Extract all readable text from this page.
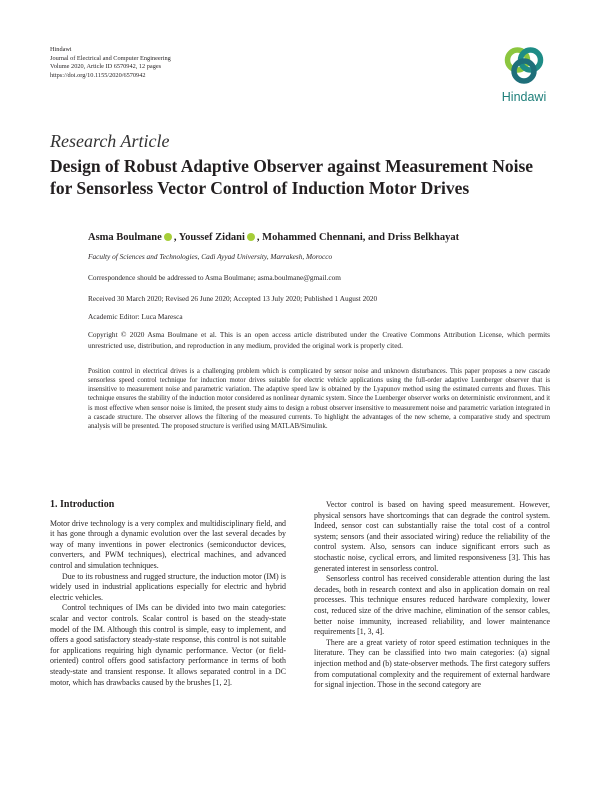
Hindawi
Journal of Electrical and Computer Engineering
Volume 2020, Article ID 6570942, 12 pages
https://doi.org/10.1155/2020/6570942
Hindawi
Research Article
Design of Robust Adaptive Observer against Measurement Noise for Sensorless Vector Control of Induction Motor Drives
Asma Boulmane , Youssef Zidani , Mohammed Chennani, and Driss Belkhayat
Faculty of Sciences and Technologies, Cadi Ayyad University, Marrakesh, Morocco
Correspondence should be addressed to Asma Boulmane; asma.boulmane@gmail.com
Received 30 March 2020; Revised 26 June 2020; Accepted 13 July 2020; Published 1 August 2020
Academic Editor: Luca Maresca
Copyright © 2020 Asma Boulmane et al. This is an open access article distributed under the Creative Commons Attribution License, which permits unrestricted use, distribution, and reproduction in any medium, provided the original work is properly cited.
Position control in electrical drives is a challenging problem which is complicated by sensor noise and unknown disturbances. This paper proposes a new cascade sensorless speed control technique for induction motor drives suitable for electric vehicle applications using the full-order adaptive Luenberger observer that is insensitive to measurement noise and parametric variation. The adaptive speed law is obtained by the Lyapunov method using the estimated currents and fluxes. This technique ensures the stability of the induction motor considered as nonlinear dynamic system. Since the Luenberger observer works on deterministic environment, and it is most effective when sensor noise is limited, the present study aims to design a robust observer insensitive to measurement noise and parametric variation integrated in a cascade structure. The observer allows the filtering of the measured currents. To highlight the advantages of the new scheme, a comparative study and spectrum analysis will be presented. The proposed structure is verified using MATLAB/Simulink.
1. Introduction

Motor drive technology is a very complex and multidisciplinary field, and it has gone through a dynamic evolution over the last several decades by way of many inventions in power electronics (semiconductor devices, converters, and PWM techniques), electrical machines, and advanced control and simulation techniques.

Due to its robustness and rugged structure, the induction motor (IM) is widely used in industrial applications especially for electric and hybrid electric vehicles.

Control techniques of IMs can be divided into two main categories: scalar and vector controls. Scalar control is based on the steady-state model of the IM. Although this control is simple, easy to implement, and offers a good satisfactory steady-state response, this control is not suitable for applications requiring high dynamic performance. Vector (or field-oriented) control offers good satisfactory performance in terms of both steady-state and transient response. It allows separated control in a DC motor, which has drawbacks caused by the brushes [1, 2].

Vector control is based on having speed measurement. However, physical sensors have shortcomings that can degrade the control system. Indeed, sensor cost can substantially raise the total cost of a control system; sensors (and their associated wiring) reduce the reliability of the control system. Also, sensors can induce significant errors such as stochastic noise, cyclical errors, and limited responsiveness [3]. This has generated interest in sensorless control.

Sensorless control has received considerable attention during the last decades, both in research context and also in application domain on real processes. This technique ensures reduced hardware complexity, lower cost, reduced size of the drive machine, elimination of the sensor cables, better noise immunity, increased reliability, and lower maintenance requirements [1, 3, 4].

There are a great variety of rotor speed estimation techniques in the literature. They can be classified into two main categories: (a) signal injection method and (b) state-observer methods. The first category suffers from computational complexity and the requirement of external hardware for signal injection. Those in the second category are
